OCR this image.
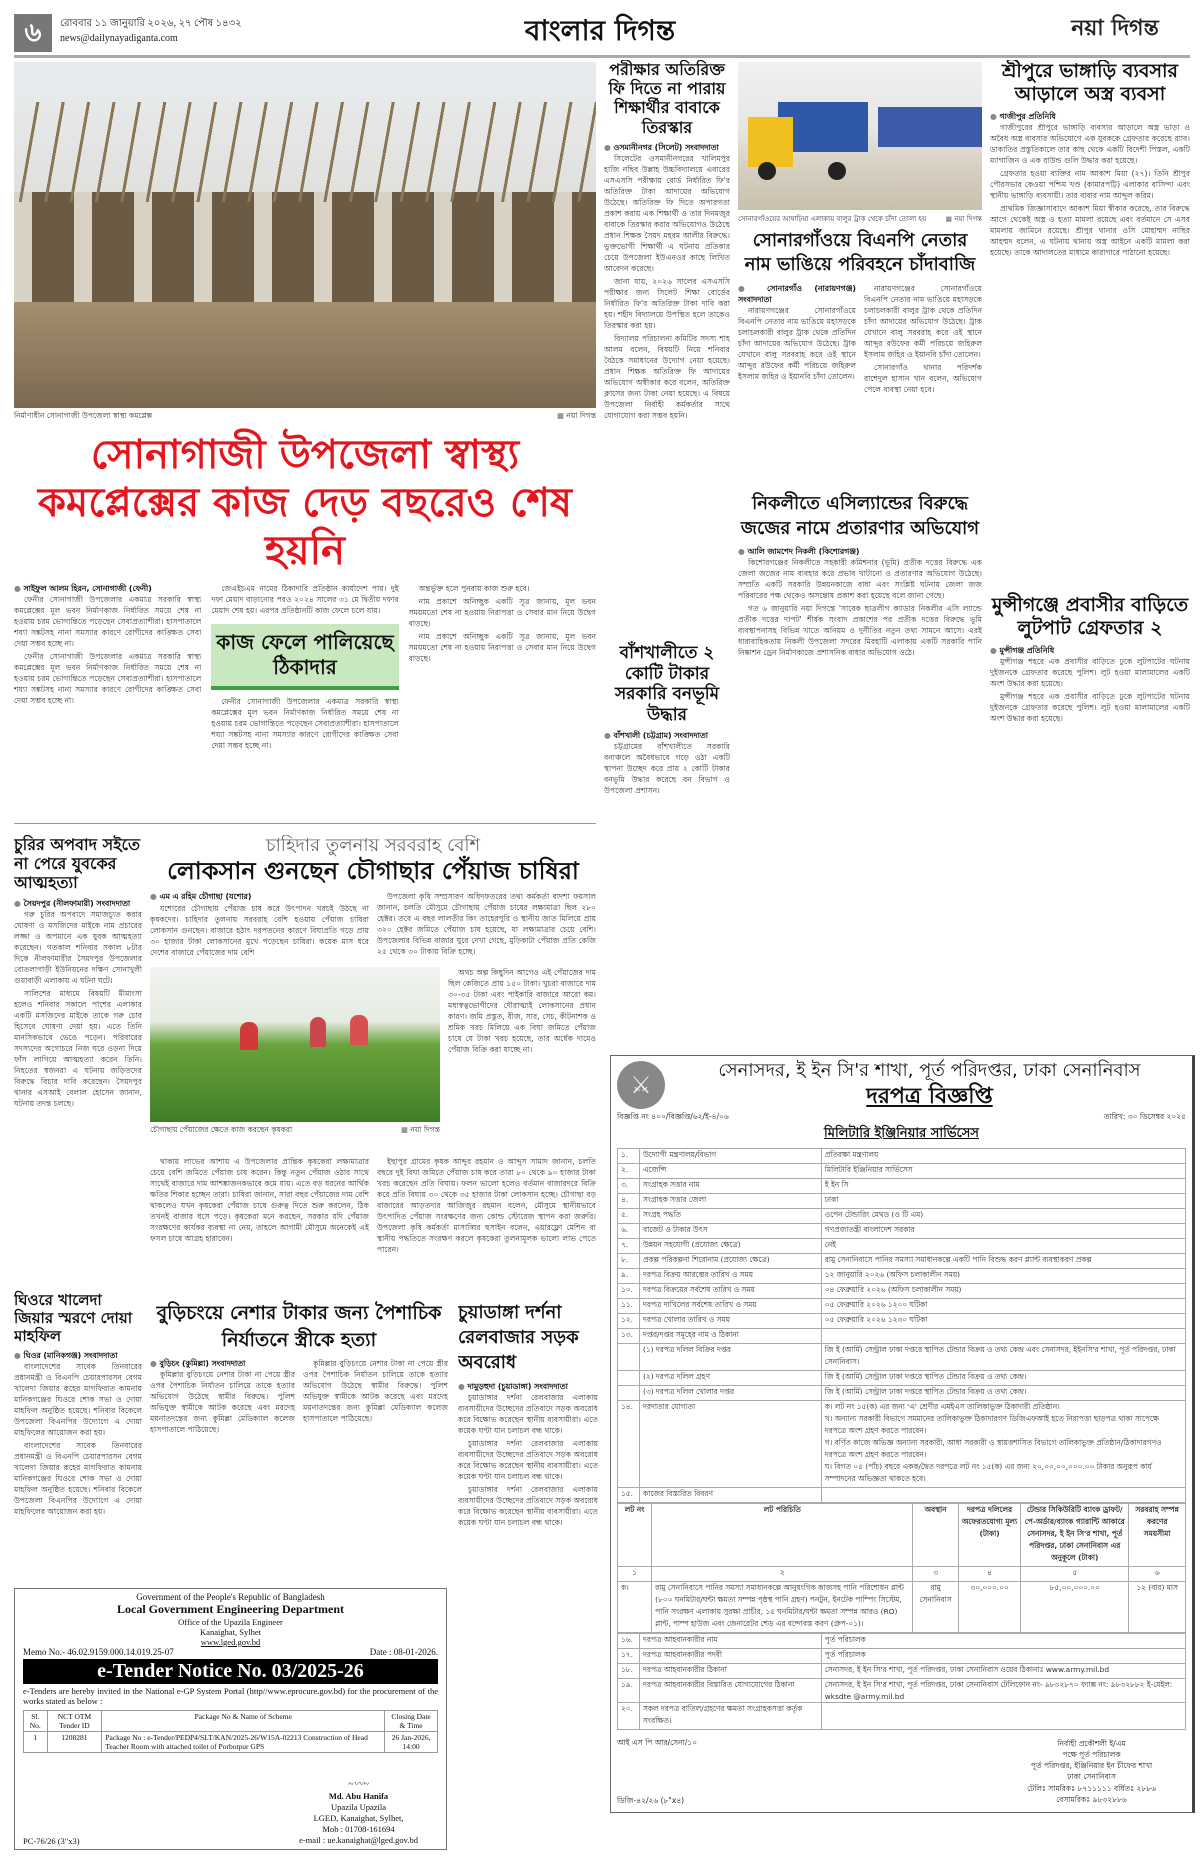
৬	রোববার ১১ জানুয়ারি ২০২৬, ২৭ পৌষ ১৪৩২
news@dailynayadiganta.com	বাংলার দিগন্ত	নয়া দিগন্ত
নির্মাণাধীন সোনাগাজী উপজেলা স্বাস্থ্য কমপ্লেক্স	■ নয়া দিগন্ত
সোনাগাজী উপজেলা স্বাস্থ্য কমপ্লেক্সের কাজ দেড় বছরেও শেষ হয়নি
● সাইফুল আলম হিরন, সোনাগাজী (ফেনী)

ফেনীর সোনাগাজী উপজেলার একমাত্র সরকারি স্বাস্থ্য কমপ্লেক্সের মূল ভবন নির্মাণকাজ নির্ধারিত সময়ে শেষ না হওয়ায় চরম ভোগান্তিতে পড়েছেন সেবাপ্রত্যাশীরা। হাসপাতালে শয্যা সঙ্কটসহ নানা সমস্যার কারণে রোগীদের কাঙ্ক্ষিত সেবা দেয়া সম্ভব হচ্ছে না।

ফেনীর সোনাগাজী উপজেলার একমাত্র সরকারি স্বাস্থ্য কমপ্লেক্সের মূল ভবন নির্মাণকাজ নির্ধারিত সময়ে শেষ না হওয়ায় চরম ভোগান্তিতে পড়েছেন সেবাপ্রত্যাশীরা। হাসপাতালে শয্যা সঙ্কটসহ নানা সমস্যার কারণে রোগীদের কাঙ্ক্ষিত সেবা দেয়া সম্ভব হচ্ছে না।

জেএইচএম নামের ঠিকাদারি প্রতিষ্ঠান কার্যাদেশ পায়। দুই দফা মেয়াদ বাড়ানোর পরও ২০২৪ সালের ৩১ মে দ্বিতীয় দফার মেয়াদ শেষ হয়। এরপর প্রতিষ্ঠানটি কাজ ফেলে চলে যায়।

কাজ ফেলে পালিয়েছে ঠিকাদার

ফেনীর সোনাগাজী উপজেলার একমাত্র সরকারি স্বাস্থ্য কমপ্লেক্সের মূল ভবন নির্মাণকাজ নির্ধারিত সময়ে শেষ না হওয়ায় চরম ভোগান্তিতে পড়েছেন সেবাপ্রত্যাশীরা। হাসপাতালে শয্যা সঙ্কটসহ নানা সমস্যার কারণে রোগীদের কাঙ্ক্ষিত সেবা দেয়া সম্ভব হচ্ছে না।

অন্তর্ভুক্ত হলে পুনরায় কাজ শুরু হবে।

নাম প্রকাশে অনিচ্ছুক একটি সূত্র জানায়, মূল ভবন সময়মতো শেষ না হওয়ায় নিরাপত্তা ও সেবার মান নিয়ে উদ্বেগ বাড়ছে।

নাম প্রকাশে অনিচ্ছুক একটি সূত্র জানায়, মূল ভবন সময়মতো শেষ না হওয়ায় নিরাপত্তা ও সেবার মান নিয়ে উদ্বেগ বাড়ছে।

পরীক্ষার অতিরিক্ত ফি দিতে না পারায় শিক্ষার্থীর বাবাকে তিরস্কার
● ওসমানীনগর (সিলেট) সংবাদদাতা

সিলেটের ওসমানীনগরের খালিমপুর হাজি নছিব উল্লাহ উচ্চবিদ্যালয়ে এবারের এসএসসি পরীক্ষায় বোর্ড নির্ধারিত ফি'র অতিরিক্ত টাকা আদায়ের অভিযোগ উঠেছে। অতিরিক্ত ফি দিতে অপারগতা প্রকাশ করায় এক শিক্ষার্থী ও তার দিনমজুর বাবাকে তিরস্কার করার অভিযোগও উঠেছে প্রধান শিক্ষক সৈয়দ মহরম আলীর বিরুদ্ধে। ভুক্তভোগী শিক্ষার্থী এ ঘটনায় প্রতিকার চেয়ে উপজেলা ইউএনওর কাছে লিখিত আবেদন করেছে।

জানা যায়, ২০২৬ সালের এসএসসি পরীক্ষার জন্য সিলেট শিক্ষা বোর্ডের নির্ধারিত ফি'র অতিরিক্ত টাকা দাবি করা হয়। শহীদ বিদ্যালয়ে উপস্থিত হলে তাকেও তিরস্কার করা হয়।

বিদ্যালয় পরিচালনা কমিটির সদস্য শাহ আলম বলেন, বিষয়টি নিয়ে শনিবার বৈঠকে সমাধানের উদ্যোগ নেয়া হয়েছে। প্রধান শিক্ষক অতিরিক্ত ফি আদায়ের অভিযোগ অস্বীকার করে বলেন, অতিরিক্ত ক্লাসের জন্য টাকা নেয়া হয়েছে। এ বিষয়ে উপজেলা নির্বাহী কর্মকর্তার সাথে যোগাযোগ করা সম্ভব হয়নি।

বাঁশখালীতে ২ কোটি টাকার সরকারি বনভূমি উদ্ধার
● বাঁশখালী (চট্টগ্রাম) সংবাদদাতা

চট্টগ্রামের বাঁশখালীতে সরকারি বনাঞ্চলে অবৈধভাবে গড়ে ওঠা একটি স্থাপনা উচ্ছেদ করে প্রায় ২ কোটি টাকার বনভূমি উদ্ধার করেছে বন বিভাগ ও উপজেলা প্রশাসন।

সোনারগাঁওয়ের আষাঢ়িয়া এলাকায় বালুর ট্রাক থেকে চাঁদা তোলা হয়	■ নয়া দিগন্ত
সোনারগাঁওয়ে বিএনপি নেতার নাম ভাঙিয়ে পরিবহনে চাঁদাবাজি
● সোনারগাঁও (নারায়ণগঞ্জ) সংবাদদাতা

নারায়ণগঞ্জের সোনারগাঁওয়ে বিএনপি নেতার নাম ভাঙিয়ে মহাসড়কে চলাচলকারী বালুর ট্রাক থেকে প্রতিদিন চাঁদা আদায়ের অভিযোগ উঠেছে। ট্রাক যেখানে বালু সরবরাহ করে ওই স্থানে আব্দুর রউফের কর্মী পরিচয়ে জহিরুল ইসলাম জহির ও ইয়ানবি চাঁদা তোলেন।

নারায়ণগঞ্জের সোনারগাঁওয়ে বিএনপি নেতার নাম ভাঙিয়ে মহাসড়কে চলাচলকারী বালুর ট্রাক থেকে প্রতিদিন চাঁদা আদায়ের অভিযোগ উঠেছে। ট্রাক যেখানে বালু সরবরাহ করে ওই স্থানে আব্দুর রউফের কর্মী পরিচয়ে জহিরুল ইসলাম জহির ও ইয়ানবি চাঁদা তোলেন।

সোনারগাঁও থানার পরিদর্শক রাশেদুল হাসান খান বলেন, অভিযোগ পেলে ব্যবস্থা নেয়া হবে।

নিকলীতে এসিল্যান্ডের বিরুদ্ধে জজের নামে প্রতারণার অভিযোগ
● আলি জামশেদ নিকলী (কিশোরগঞ্জ)

কিশোরগঞ্জের নিকলীতে সহকারী কমিশনার (ভূমি) প্রতীক দত্তের বিরুদ্ধে এক জেলা জজের নাম ব্যবহার করে প্রভাব খাটানো ও প্রতারণার অভিযোগ উঠেছে। সম্প্রতি একটি সরকারি উন্নয়নকাজে বাধা এবং সংশ্লিষ্ট ঘটনায় জেলা জজ পরিবারের পক্ষ থেকেও অসন্তোষ প্রকাশ করা হয়েছে বলে জানা গেছে।

গত ৬ জানুয়ারি নয়া দিগন্তে 'সাবেক ছাত্রলীগ ক্যাডার নিকলীর এসি ল্যান্ডে প্রতীক দত্তের দাপট' শীর্ষক সংবাদ প্রকাশের পর প্রতীক দত্তের বিরুদ্ধে ভূমি ব্যবস্থাপনাসহ বিভিন্ন খাতে অনিয়ম ও দুর্নীতির নতুন তথ্য সামনে আসে। এরই ধারাবাহিকতায় নিকলী উপজেলা সদরের মিরহাটি এলাকায় একটি সরকারি পানি নিষ্কাশন ড্রেন নির্মাণকাজে প্রশাসনিক বাধার অভিযোগ ওঠে।

শ্রীপুরে ভাঙ্গাড়ি ব্যবসার আড়ালে অস্ত্র ব্যবসা
● গাজীপুর প্রতিনিধি

গাজীপুরের শ্রীপুরে ভাঙ্গাড়ি ব্যবসার আড়ালে অস্ত্র ভাড়া ও অবৈধ অস্ত্র ব্যবসার অভিযোগে এক যুবককে গ্রেফতার করেছে র‍্যাব। ডাকাতির প্রস্তুতিকালে তার কাছ থেকে একটি বিদেশী পিস্তল, একটি ম্যাগাজিন ও এক রাউন্ড গুলি উদ্ধার করা হয়েছে।

গ্রেফতার হওয়া ব্যক্তির নাম আকাশ মিয়া (২৭)। তিনি শ্রীপুর পৌরসভার কেওয়া পশ্চিম খণ্ড (কামারপট্টি) এলাকার বাসিন্দা এবং স্থানীয় ভাঙ্গাড়ি ব্যবসায়ী। তার বাবার নাম আব্দুল করিম।

প্রাথমিক জিজ্ঞাসাবাদে আকাশ মিয়া স্বীকার করেছে, তার বিরুদ্ধে আগে থেকেই অস্ত্র ও হত্যা মামলা রয়েছে এবং বর্তমানে সে এসব মামলায় জামিনে রয়েছে। শ্রীপুর থানার ওসি মোহাম্মদ নাছির আহম্মদ বলেন, এ ঘটনায় থানায় অস্ত্র আইনে একটি মামলা করা হয়েছে। তাকে আদালতের মাধ্যমে কারাগারে পাঠানো হয়েছে।

মুন্সীগঞ্জে প্রবাসীর বাড়িতে লুটপাট গ্রেফতার ২
● মুন্সীগঞ্জ প্রতিনিধি

মুন্সীগঞ্জ শহরে এক প্রবাসীর বাড়িতে ঢুকে লুটপাটের ঘটনায় দুইজনকে গ্রেফতার করেছে পুলিশ। লুট হওয়া মালামালের একটি অংশ উদ্ধার করা হয়েছে।

মুন্সীগঞ্জ শহরে এক প্রবাসীর বাড়িতে ঢুকে লুটপাটের ঘটনায় দুইজনকে গ্রেফতার করেছে পুলিশ। লুট হওয়া মালামালের একটি অংশ উদ্ধার করা হয়েছে।

চুরির অপবাদ সইতে না পেরে যুবকের আত্মহত্যা
● সৈয়দপুর (নীলফামারী) সংবাদদাতা

গরু চুরির অপবাদে সমাজচ্যুত করার ঘোষণা ও মসজিদের মাইকে নাম প্রচারের লজ্জা ও অপমানে এক যুবক আত্মহত্যা করেছেন। গতকাল শনিবার সকাল ৮টার দিকে নীলফামারীর সৈয়দপুর উপজেলার বোতলাগাড়ী ইউনিয়নের দক্ষিণ সোনাখুলী গুয়াবাড়ী এলাকায় এ ঘটনা ঘটে।

সালিশের মাধ্যমে বিষয়টি মীমাংসা হলেও শনিবার সকালে পাশের এলাকার একটি মসজিদের মাইকে তাকে গরু চোর হিসেবে ঘোষণা দেয়া হয়। এতে তিনি মানসিকভাবে ভেঙে পড়েন। পরিবারের সদস্যদের অগোচরে নিজ ঘরে ওড়না দিয়ে ফাঁস লাগিয়ে আত্মহত্যা করেন তিনি। নিহতের স্বজনরা এ ঘটনায় জড়িতদের বিরুদ্ধে বিচার দাবি করেছেন। সৈয়দপুর থানার এসআই বেলাল হোসেন জানান, ঘটনায় তদন্ত চলছে।

ঘিওরে খালেদা জিয়ার স্মরণে দোয়া মাহফিল
● ঘিওর (মানিকগঞ্জ) সংবাদদাতা

বাংলাদেশের সাবেক তিনবারের প্রধানমন্ত্রী ও বিএনপি চেয়ারপারসন বেগম খালেদা জিয়ার রূহের মাগফিরাত কামনায় মানিকগঞ্জের ঘিওরে শোক সভা ও দোয়া মাহফিল অনুষ্ঠিত হয়েছে। শনিবার বিকেলে উপজেলা বিএনপির উদ্যোগে এ দোয়া মাহফিলের আয়োজন করা হয়।

বাংলাদেশের সাবেক তিনবারের প্রধানমন্ত্রী ও বিএনপি চেয়ারপারসন বেগম খালেদা জিয়ার রূহের মাগফিরাত কামনায় মানিকগঞ্জের ঘিওরে শোক সভা ও দোয়া মাহফিল অনুষ্ঠিত হয়েছে। শনিবার বিকেলে উপজেলা বিএনপির উদ্যোগে এ দোয়া মাহফিলের আয়োজন করা হয়।

চাহিদার তুলনায় সরবরাহ বেশি
লোকসান গুনছেন চৌগাছার পেঁয়াজ চাষিরা
● এম এ রহিম চৌগাছা (যশোর)

যশোরের চৌগাছায় পেঁয়াজ চাষ করে উৎপাদন খরচই উঠছে না কৃষকদের। চাহিদার তুলনায় সরবরাহ বেশি হওয়ায় পেঁয়াজ চাষিরা লোকসান গুনছেন। বাজারে হঠাৎ দরপতনের কারণে বিঘাপ্রতি গড়ে প্রায় ৩০ হাজার টাকা লোকসানের মুখে পড়েছেন চাষিরা। কয়েক মাস ধরে দেশের বাজারে পেঁয়াজের দাম বেশি

উপজেলা কৃষি সম্প্রসারণ অধিদফতরের তথ্য কর্মকর্তা বাদশা ফয়সাল জানান, চলতি মৌসুমে চৌগাছায় পেঁয়াজ চাষের লক্ষ্যমাত্রা ছিল ২৮০ হেক্টর। তবে এ বছর লালতীর কিং তাহেরপুরি ও স্থানীয় জাত মিলিয়ে প্রায় ৩২০ হেক্টর জমিতে পেঁয়াজ চাষ হয়েছে, যা লক্ষ্যমাত্রার চেয়ে বেশি। উপজেলার বিভিন্ন বাজার ঘুরে দেখা গেছে, মুড়িকাটা পেঁয়াজ প্রতি কেজি ২৫ থেকে ৩০ টাকায় বিক্রি হচ্ছে।

চৌগাছায় পেঁয়াজের ক্ষেতে কাজ করছেন কৃষকরা	■ নয়া দিগন্ত

অথচ অল্প কিছুদিন আগেও এই পেঁয়াজের দাম ছিল কেজিতে প্রায় ১৫০ টাকা। খুচরা বাজারে দাম ৩০-৩৫ টাকা এবং পাইকারি বাজারে আরো কম। মধ্যস্বত্বভোগীদের দৌরাত্ম্যই লোকসানের প্রধান কারণ। জমি প্রস্তুত, বীজ, সার, সেচ, কীটনাশক ও শ্রমিক খরচ মিলিয়ে এক বিঘা জমিতে পেঁয়াজ চাষে যে টাকা খরচ হয়েছে, তার অর্ধেক দামেও পেঁয়াজ বিক্রি করা যাচ্ছে না।

থাকায় লাভের আশায় এ উপজেলার প্রান্তিক কৃষকেরা লক্ষ্যমাত্রার চেয়ে বেশি জমিতে পেঁয়াজ চাষ করেন। কিন্তু নতুন পেঁয়াজ ওঠার সাথে সাথেই বাজারে দাম আশঙ্কাজনকভাবে কমে যায়। এতে বড় ধরনের আর্থিক ক্ষতির শিকার হচ্ছেন তারা। চাষিরা জানান, সারা বছর পেঁয়াজের দাম বেশি থাকলেও যখন কৃষকেরা পেঁয়াজ চাষে গুরুত্ব দিতে শুরু করলেন, ঠিক তখনই বাজার ধসে পড়ে। কৃষকেরা মনে করছেন, সরকার যদি পেঁয়াজ সংরক্ষণের কার্যকর ব্যবস্থা না নেয়, তাহলে আগামী মৌসুমে অনেকেই এই ফসল চাষে আগ্রহ হারাবেন।

ইছাপুর গ্রামের কৃষক আব্দুর রহমান ও আব্দুস সামাদ জানান, চলতি বছরে দুই বিঘা জমিতে পেঁয়াজ চাষ করে তারা ৮০ থেকে ৯০ হাজার টাকা খরচ করেছেন প্রতি বিঘায়। ফলন ভালো হলেও বর্তমান বাজারদরে বিক্রি করে প্রতি বিঘায় ৩০ থেকে ৩৫ হাজার টাকা লোকসান হচ্ছে। চৌগাছা বড় বাজারের আড়তদার আজিজুর রহমান বলেন, মৌসুমে স্থানীয়ভাবে উৎপাদিত পেঁয়াজ সংরক্ষণের জন্য কোল্ড স্টোরেজ স্থাপন করা জরুরি। উপজেলা কৃষি কর্মকর্তা মাসাব্বির হুসাইন বলেন, এয়ারফ্লো মেশিন বা স্থানীয় পদ্ধতিতে সংরক্ষণ করলে কৃষকেরা তুলনামূলক ভালো লাভ পেতে পারেন।

বুড়িচংয়ে নেশার টাকার জন্য পৈশাচিক নির্যাতনে স্ত্রীকে হত্যা
● বুড়িচং (কুমিল্লা) সংবাদদাতা

কুমিল্লার বুড়িচংয়ে নেশার টাকা না পেয়ে স্ত্রীর ওপর পৈশাচিক নির্যাতন চালিয়ে তাকে হত্যার অভিযোগ উঠেছে স্বামীর বিরুদ্ধে। পুলিশ অভিযুক্ত স্বামীকে আটক করেছে এবং মরদেহ ময়নাতদন্তের জন্য কুমিল্লা মেডিক্যাল কলেজ হাসপাতালে পাঠিয়েছে।

কুমিল্লার বুড়িচংয়ে নেশার টাকা না পেয়ে স্ত্রীর ওপর পৈশাচিক নির্যাতন চালিয়ে তাকে হত্যার অভিযোগ উঠেছে স্বামীর বিরুদ্ধে। পুলিশ অভিযুক্ত স্বামীকে আটক করেছে এবং মরদেহ ময়নাতদন্তের জন্য কুমিল্লা মেডিক্যাল কলেজ হাসপাতালে পাঠিয়েছে।

চুয়াডাঙ্গা দর্শনা রেলবাজার সড়ক অবরোধ
● দামুড়হুদা (চুয়াডাঙ্গা) সংবাদদাতা

চুয়াডাঙ্গার দর্শনা রেলবাজার এলাকায় ব্যবসায়ীদের উচ্ছেদের প্রতিবাদে সড়ক অবরোধ করে বিক্ষোভ করেছেন স্থানীয় ব্যবসায়ীরা। এতে কয়েক ঘণ্টা যান চলাচল বন্ধ থাকে।

চুয়াডাঙ্গার দর্শনা রেলবাজার এলাকায় ব্যবসায়ীদের উচ্ছেদের প্রতিবাদে সড়ক অবরোধ করে বিক্ষোভ করেছেন স্থানীয় ব্যবসায়ীরা। এতে কয়েক ঘণ্টা যান চলাচল বন্ধ থাকে।

চুয়াডাঙ্গার দর্শনা রেলবাজার এলাকায় ব্যবসায়ীদের উচ্ছেদের প্রতিবাদে সড়ক অবরোধ করে বিক্ষোভ করেছেন স্থানীয় ব্যবসায়ীরা। এতে কয়েক ঘণ্টা যান চলাচল বন্ধ থাকে।

Government of the People's Republic of Bangladesh
Local Government Engineering Department
Office of the Upazila Engineer
Kanaighat, Sylhet
www.lged.gov.bd
Memo No.- 46.02.9159.000.14.019.25-07	Date : 08-01-2026.
e-Tender Notice No. 03/2025-26
e-Tenders are hereby invited in the National e-GP System Portal (http//www.eprocure.gov.bd) for the procurement of the works stated as below :
Sl. No.	NCT OTM Tender ID	Package No & Name of Scheme	Closing Date & Time
1	1208281	Package No : e-Tender/PEDP4/SLT/KAN/2025-26/W15A-02213 Construction of Head Teacher Room with attached toilet of Porbotpur GPS	26 Jan-2026, 14:00
PC-76/26 (3"x3)
~〰~
Md. Abu Hanifa
Upazila Upazila
LGED, Kanaighat, Sylhet,
Mob : 01708-161694
e-mail : ue.kanaighat@lged.gov.bd
⚔
সেনাসদর, ই ইন সি'র শাখা, পূর্ত পরিদপ্তর, ঢাকা সেনানিবাস
দরপত্র বিজ্ঞপ্তি
বিজ্ঞপ্তি নং ৪০০/বিজ্ঞপ্তি/৬২/ই-৪/০৬	তারিখ: ৩০ ডিসেম্বর ২০২৫
মিলিটারি ইঞ্জিনিয়ার সার্ভিসেস
১.	উদ্যোগী মন্ত্রণালয়/বিভাগ	প্রতিরক্ষা মন্ত্রণালয়
২.	এজেন্সি	মিলিটারি ইঞ্জিনিয়ার সার্ভিসেস
৩.	সংগ্রাহক সত্তার নাম	ই ইন সি
৪.	সংগ্রাহক সত্তার জেলা	ঢাকা
৫.	সংগ্রহ পদ্ধতি	ওপেন টেন্ডারিং মেথড (ও টি এম)
৬.	বাজেট ও টাকার উৎস	গণপ্রজাতন্ত্রী বাংলাদেশ সরকার
৭.	উন্নয়ন সহযোগী (প্রযোজ্য ক্ষেত্রে)	নেই
৮.	প্রকল্প পরিকল্পনা শিরোনাম (প্রযোজ্য ক্ষেত্রে)	রামু সেনানিবাসে পানির সমস্যা সমাধানকল্পে একটি পানি বিশুদ্ধ করণ প্ল্যান্ট ব্যবস্থাকরণ প্রকল্প
৯.	দরপত্র বিক্রয় আরম্ভের তারিখ ও সময়	১২ জানুয়ারি ২০২৬ (অফিস চলাকালীন সময়)
১০.	দরপত্র বিক্রয়ের সর্বশেষ তারিখ ও সময়	০৪ ফেব্রুয়ারি ২০২৬ (অফিস চলাকালীন সময়)
১১.	দরপত্র দাখিলের সর্বশেষ তারিখ ও সময়	০৫ ফেব্রুয়ারি ২০২৬ ১২০০ ঘটিকা
১২.	দরপত্র খোলার তারিখ ও সময়	০৫ ফেব্রুয়ারি ২০২৬ ১২৩০ ঘটিকা
১৩.	দপ্তর/দপ্তর সমূহের নাম ও ঠিকানা	
	(১) দরপত্র দলিল বিক্রির দপ্তর	জি ই (আর্মি) সেন্ট্রাল ঢাকা দপ্তরে স্থাপিত টেন্ডার বিক্রয় ও তথ্য কেন্দ্র এবং সেনাসদর, ইইনসি'র শাখা, পূর্ত পরিদপ্তর, ঢাকা সেনানিবাস।
	(২) দরপত্র দলিল গ্রহণ	জি ই (আর্মি) সেন্ট্রাল ঢাকা দপ্তরে স্থাপিত টেন্ডার বিক্রয় ও তথ্য কেন্দ্র।
	(৩) দরপত্র দলিল খোলার দপ্তর	জি ই (আর্মি) সেন্ট্রাল ঢাকা দপ্তরে স্থাপিত টেন্ডার বিক্রয় ও তথ্য কেন্দ্র।
১৪.	দরদাতার যোগ্যতা	ক। লট নং ১৫(ক) এর জন্য 'এ' শ্রেণীর এমইএস তালিকাভুক্ত ঠিকাদারী প্রতিষ্ঠান।
খ। অন্যান্য সরকারী বিভাগে সমমানের তালিকাভুক্ত ঠিকাদারগণ ডিজিএফআই হতে নিরাপত্তা ছাড়পত্র থাকা সাপেক্ষে দরপত্রে অংশ গ্রহণ করতে পারবেন।
গ। বর্ণিত কাজে অভিজ্ঞ অন্যান্য সরকারী, আধা সরকারী ও স্বায়ত্তশাসিত বিভাগে তালিকাভুক্ত প্রতিষ্ঠান/ঠিকাদারগণও দরপত্রে অংশ গ্রহণ করতে পারবেন।
ঘ। বিগত ০৫ (পাঁচ) বছরে একক/দ্বৈত দরপত্রে লট নং ১৫(ক) এর জন্য ২০,০০,০০,০০০.০০ টাকার অনুরূপ কার্য সম্পাদনের অভিজ্ঞতা থাকতে হবে।
১৫.	কাজের বিস্তারিত বিবরণ	
লট নং	লট পরিচিতি	অবস্থান	দরপত্র দলিলের অফেরতযোগ্য মূল্য (টাকা)	টেন্ডার সিকিউরিটি ব্যাংক ড্রাফট/পে-অর্ডার/ব্যাংক গ্যারান্টি আকারে সেনাসদর, ই ইন সি'র শাখা, পূর্ত পরিদপ্তর, ঢাকা সেনানিবাস এর অনুকূলে (টাকা)	সরবরাহ সম্পন্ন করণের সময়সীমা
১	২	৩	৪	৫	৬
ক।	রামু সেনানিবাসে পানির সমস্যা সমাধানকল্পে আনুষংগিক কাজসহ পানি পরিশোধন প্লান্ট (৮০০ ঘনমিটার/ঘন্টা ক্ষমতা সম্পন্ন পৃষ্ঠস্থ পানি গ্রহণ) পনটুন, ইনটেক পাম্পিং সিস্টেম, পানি সংরক্ষণ এলাকায় সুরক্ষা প্রাচীর, ১৫ ঘনমিটার/ঘন্টা ক্ষমতা সম্পন্ন আরও (RO) প্লান্ট, পাম্প হাউজ এবং জেনারেটর শেড এর বন্দোবস্ত করণ (গ্রুপ-০১)।	রামু সেনানিবাস	৩০,০০০.০০	৮৫,০০,০০০.০০	১২ (বার) মাস
১৬.	দরপত্র আহবানকারীর নাম	পূর্ত পরিচালক
১৭.	দরপত্র আহবানকারীর পদবী	পূর্ত পরিচালক
১৮.	দরপত্র আহবানকারীর ঠিকানা	সেনাসদর, ই ইন সি'র শাখা, পূর্ত পরিদপ্তর, ঢাকা সেনানিবাস ওয়েব ঠিকানাঃ www.army.mil.bd
১৯.	দরপত্র আহবানকারীর বিস্তারিত যোগাযোগের ঠিকানা	সেনাসদর, ই ইন সি'র শাখা, পূর্ত পরিদপ্তর, ঢাকা সেনানিবাস টেলিফোন নং- ৯৮৩২৮৭০ ফ্যাক্স নং: ৯৮৩২৮৮২ ই-মেইল: wksdte @army.mil.bd
২০.	সকল দরপত্র বাতিল/গ্রহণের ক্ষমতা সংগ্রাহকসত্তা কর্তৃক সংরক্ষিত।	
আই এস পি আর/সেনা/১০
ডিজি-৪২/২৬ (৮"x৪)
নির্বাহী প্রকৌশলী ই/এম
পক্ষে পূর্ত পরিচালক
পূর্ত পরিদপ্তর, ইঞ্জিনিয়ার ইন চীফের শাখা
ঢাকা সেনানিবাস
টেলিঃ সামরিকঃ ৮৭১১১১১ বর্ধিতঃ ২৮৮৬
বেসামরিকঃ ৯৮৩২৮৮৬
